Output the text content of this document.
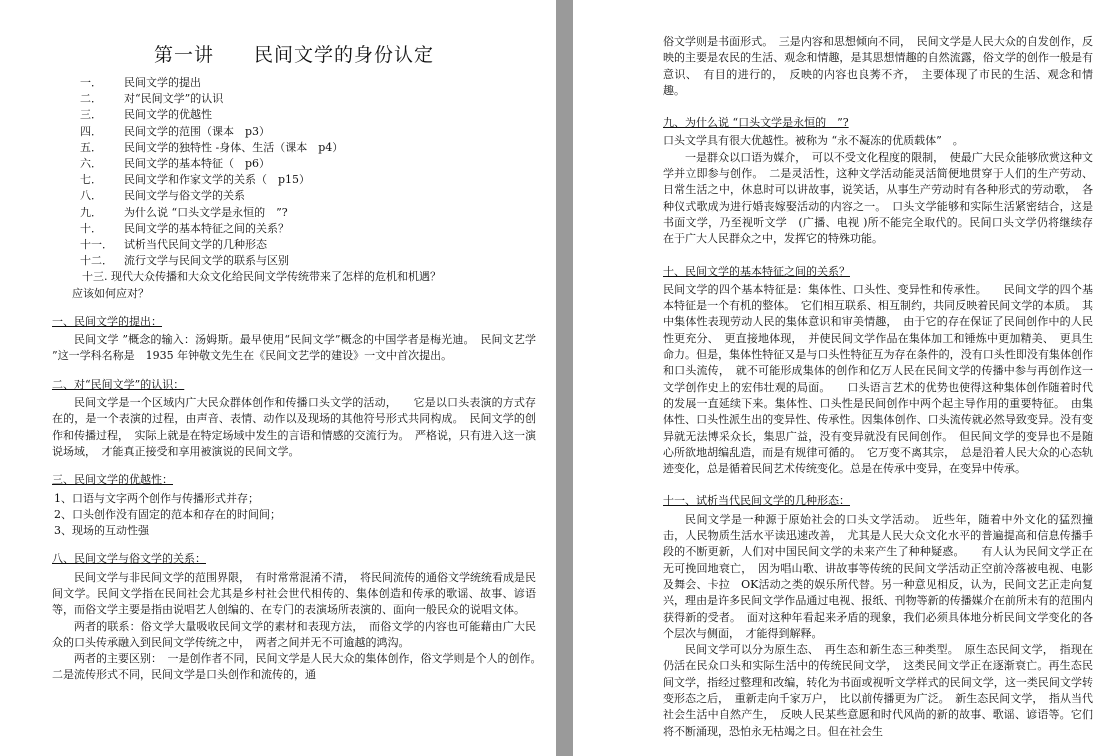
第一讲　　民间文学的身份认定
一．	民间文学的提出
二．	对“民间文学”的认识
三．	民间文学的优越性
四．	民间文学的范围（课本　p3）
五．	民间文学的独特性 -身体、生活（课本　p4）
六．	民间文学的基本特征（　p6）
七．	民间文学和作家文学的关系（　p15）
八．	民间文学与俗文学的关系
九．	为什么说 “口头文学是永恒的　”?
十．	民间文学的基本特征之间的关系？
十一．	试析当代民间文学的几种形态
十二．	流行文学与民间文学的联系与区别
十三. 现代大众传播和大众文化给民间文学传统带来了怎样的危机和机遇？
应该如何应对？
一、民间文学的提出：

民间文学 ”概念的输入：汤姆斯。最早使用“民间文学”概念的中国学者是梅光迪。　民间文艺学 ”这一学科名称是　1935 年钟敬文先生在《民间文艺学的建设》一文中首次提出。

二、对“民间文学”的认识：

民间文学是一个区域内广大民众群体创作和传播口头文学的活动，　　它是以口头表演的方式存在的，是一个表演的过程，由声音、表情、动作以及现场的其他符号形式共同构成。　民间文学的创作和传播过程，　实际上就是在特定场域中发生的言语和情感的交流行为。　严格说，只有进入这一演说场域，　才能真正接受和享用被演说的民间文学。

三、民间文学的优越性：

1、口语与文字两个创作与传播形式并存；

2、口头创作没有固定的范本和存在的时间间；

3、现场的互动性强

八、民间文学与俗文学的关系：

民间文学与非民间文学的范围界限，　有时常常混淆不清，　将民间流传的通俗文学统统看成是民间文学。民间文学指在民间社会尤其是乡村社会世代相传的、集体创造和传承的歌谣、故事、谚语等，而俗文学主要是指由说唱艺人创编的、在专门的表演场所表演的、面向一般民众的说唱文体。

两者的联系：俗文学大量吸收民间文学的素材和表现方法，　而俗文学的内容也可能藉由广大民众的口头传承融入到民间文学传统之中，　两者之间并无不可逾越的鸿沟。

两者的主要区别：　一是创作者不同，民间文学是人民大众的集体创作，俗文学则是个人的创作。　二是流传形式不同，民间文学是口头创作和流传的，通

俗文学则是书面形式。　三是内容和思想倾向不同，　民间文学是人民大众的自发创作，反映的主要是农民的生活、观念和情趣，是其思想情趣的自然流露，俗文学的创作一般是有意识、　有目的进行的，　反映的内容也良莠不齐，　主要体现了市民的生活、观念和情趣。

九、为什么说 “口头文学是永恒的　”?

口头文学具有很大优越性。被称为 “永不凝冻的优质载体”　。

一是群众以口语为媒介，　可以不受文化程度的限制，　使最广大民众能够欣赏这种文学并立即参与创作。　二是灵活性，这种文学活动能灵活简便地贯穿于人们的生产劳动、日常生活之中，休息时可以讲故事，说笑话，从事生产劳动时有各种形式的劳动歌，　各种仪式歌成为进行婚丧嫁娶活动的内容之一。　口头文学能够和实际生活紧密结合，这是书面文学，乃至视听文学　(广播、电视 )所不能完全取代的。民间口头文学仍将继续存在于广大人民群众之中，发挥它的特殊功能。

十、民间文学的基本特征之间的关系？

民间文学的四个基本特征是：集体性、口头性、变异性和传承性。　　民间文学的四个基本特征是一个有机的整体。　它们相互联系、相互制约，共同反映着民间文学的本质。　其中集体性表现劳动人民的集体意识和审美情趣，　由于它的存在保证了民间创作中的人民性更充分、　更直接地体现，　并使民间文学作品在集体加工和锤炼中更加精美、　更具生命力。但是，集体性特征又是与口头性特征互为存在条件的，没有口头性即没有集体创作和口头流传，　就不可能形成集体的创作和亿万人民在民间文学的传播中参与再创作这一文学创作史上的宏伟壮观的局面。　　口头语言艺术的优势也使得这种集体创作随着时代的发展一直延续下来。集体性、口头性是民间创作中两个起主导作用的重要特征。　由集体性、口头性派生出的变异性、传承性。因集体创作、口头流传就必然导致变异。没有变异就无法博采众长，集思广益，没有变异就没有民间创作。　但民间文学的变异也不是随心所欲地胡编乱造，而是有规律可循的。　它万变不离其宗，　总是沿着人民大众的心态轨迹变化，总是循着民间艺术传统变化。总是在传承中变异，在变异中传承。

十一、试析当代民间文学的几种形态：

民间文学是一种源于原始社会的口头文学活动。　近些年，随着中外文化的猛烈撞击，人民物质生活水平读迅速改善，　尤其是人民大众文化水平的普遍提高和信息传播手段的不断更新，人们对中国民间文学的未来产生了种种疑惑。　　有人认为民间文学正在无可挽回地衰亡，　因为唱山歌、讲故事等传统的民间文学活动正空前冷落被电视、电影及舞会、卡拉　OK活动之类的娱乐所代替。另一种意见相反，认为，民间文艺正走向复兴，理由是许多民间文学作品通过电视、报纸、刊物等新的传播媒介在前所未有的范围内获得新的受者。　面对这种年看起来矛盾的现象，我们必须具体地分析民间文学变化的各个层次与侧面，　才能得到解释。

民间文学可以分为原生态、　再生态和新生态三种类型。　原生态民间文学，　指现在仍活在民众口头和实际生活中的传统民间文学，　这类民间文学正在逐渐衰亡。再生态民间文学，指经过整理和改编，转化为书面或视听文学样式的民间文学，这一类民间文学转变形态之后，　重新走向千家万户，　比以前传播更为广泛。　新生态民间文学，　指从当代社会生活中自然产生，　反映人民某些意愿和时代风尚的新的故事、歌谣、谚语等。它们将不断涌现，恐怕永无枯竭之日。但在社会生
